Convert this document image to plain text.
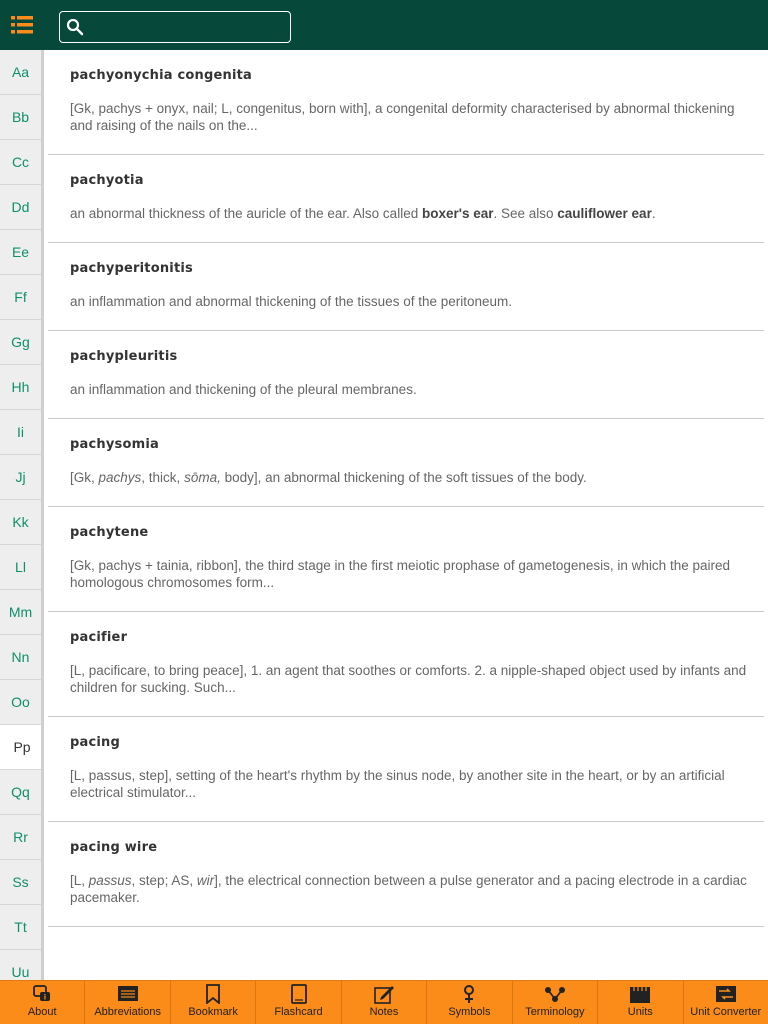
Aa
Bb
Cc
Dd
Ee
Ff
Gg
Hh
Ii
Jj
Kk
Ll
Mm
Nn
Oo
Pp
Qq
Rr
Ss
Tt
Uu
pachyonychia congenita
[Gk, pachys + onyx, nail; L, congenitus, born with], a congenital deformity characterised by abnormal thickening and raising of the nails on the...
pachyotia
an abnormal thickness of the auricle of the ear. Also called boxer's ear. See also cauliflower ear.
pachyperitonitis
an inflammation and abnormal thickening of the tissues of the peritoneum.
pachypleuritis
an inflammation and thickening of the pleural membranes.
pachysomia
[Gk, pachys, thick, sōma, body], an abnormal thickening of the soft tissues of the body.
pachytene
[Gk, pachys + tainia, ribbon], the third stage in the first meiotic prophase of gametogenesis, in which the paired homologous chromosomes form...
pacifier
[L, pacificare, to bring peace], 1. an agent that soothes or comforts. 2. a nipple-shaped object used by infants and children for sucking. Such...
pacing
[L, passus, step], setting of the heart's rhythm by the sinus node, by another site in the heart, or by an artificial electrical stimulator...
pacing wire
[L, passus, step; AS, wir], the electrical connection between a pulse generator and a pacing electrode in a cardiac pacemaker.
i
About	Abbreviations Bookmark	Flashcard	Notes	Symbols	Terminology	Units	Unit Converter
